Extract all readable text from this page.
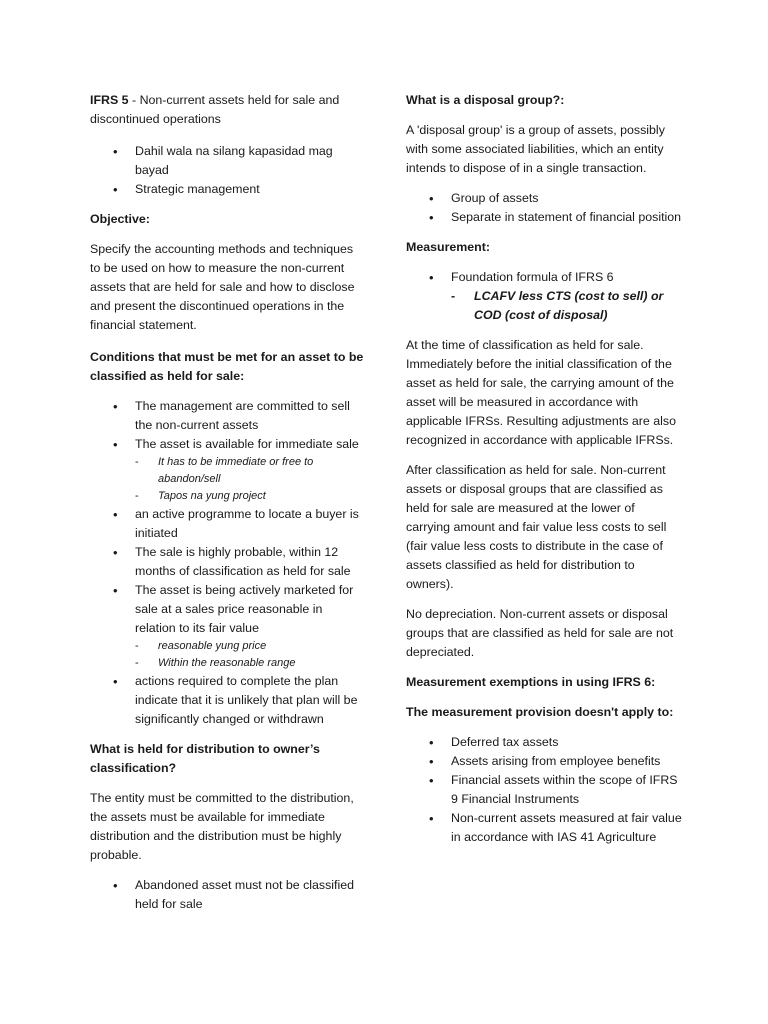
IFRS 5 - Non-current assets held for sale and discontinued operations

• Dahil wala na silang kapasidad mag bayad
• Strategic management
Objective:

Specify the accounting methods and techniques to be used on how to measure the non-current assets that are held for sale and how to disclose and present the discontinued operations in the financial statement.

Conditions that must be met for an asset to be classified as held for sale:
• The management are committed to sell the non-current assets
• The asset is available for immediate sale
- It has to be immediate or free to abandon/sell
- Tapos na yung project
• an active programme to locate a buyer is initiated
• The sale is highly probable, within 12 months of classification as held for sale
• The asset is being actively marketed for sale at a sales price reasonable in relation to its fair value
- reasonable yung price
- Within the reasonable range
• actions required to complete the plan indicate that it is unlikely that plan will be significantly changed or withdrawn
What is held for distribution to owner’s classification?

The entity must be committed to the distribution, the assets must be available for immediate distribution and the distribution must be highly probable.

• Abandoned asset must not be classified held for sale
What is a disposal group?:

A 'disposal group' is a group of assets, possibly with some associated liabilities, which an entity intends to dispose of in a single transaction.

• Group of assets
• Separate in statement of financial position
Measurement:
• Foundation formula of IFRS 6
- LCAFV less CTS (cost to sell) or COD (cost of disposal)

At the time of classification as held for sale. Immediately before the initial classification of the asset as held for sale, the carrying amount of the asset will be measured in accordance with applicable IFRSs. Resulting adjustments are also recognized in accordance with applicable IFRSs.

After classification as held for sale. Non-current assets or disposal groups that are classified as held for sale are measured at the lower of carrying amount and fair value less costs to sell (fair value less costs to distribute in the case of assets classified as held for distribution to owners).

No depreciation. Non-current assets or disposal groups that are classified as held for sale are not depreciated.

Measurement exemptions in using IFRS 6:
The measurement provision doesn't apply to:
• Deferred tax assets
• Assets arising from employee benefits
• Financial assets within the scope of IFRS 9 Financial Instruments
• Non-current assets measured at fair value in accordance with IAS 41 Agriculture
